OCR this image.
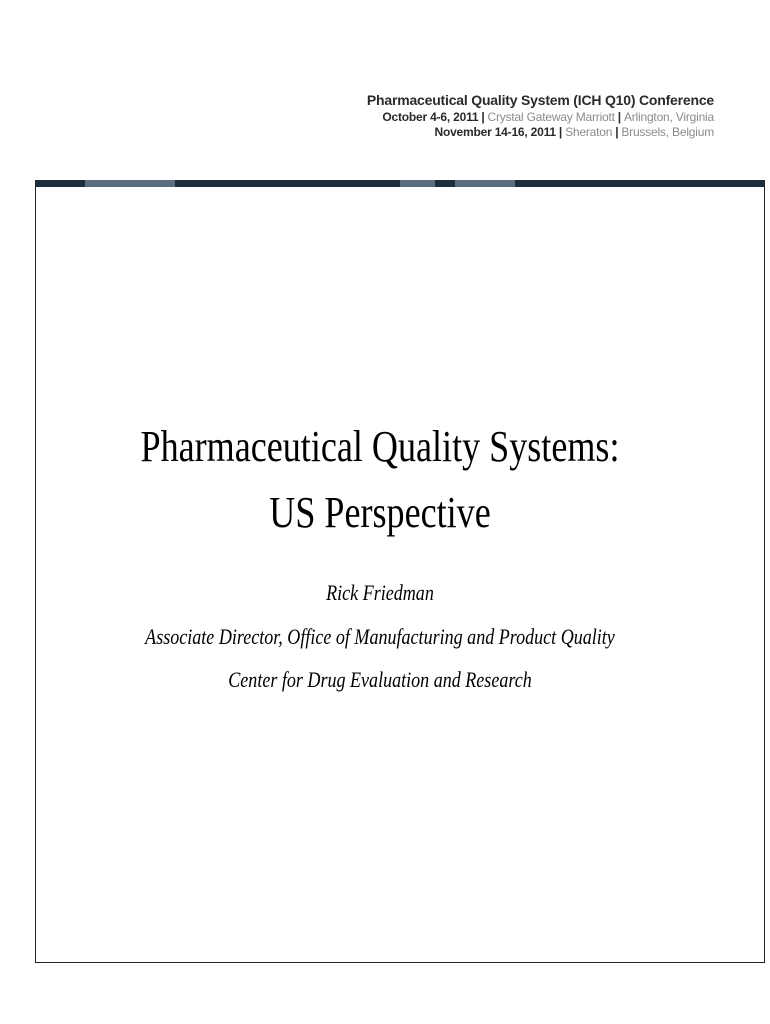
Pharmaceutical Quality System (ICH Q10) Conference
October 4-6, 2011 | Crystal Gateway Marriott | Arlington, Virginia
November 14-16, 2011 | Sheraton | Brussels, Belgium
Pharmaceutical Quality Systems:
US Perspective
Rick Friedman
Associate Director, Office of Manufacturing and Product Quality
Center for Drug Evaluation and Research
